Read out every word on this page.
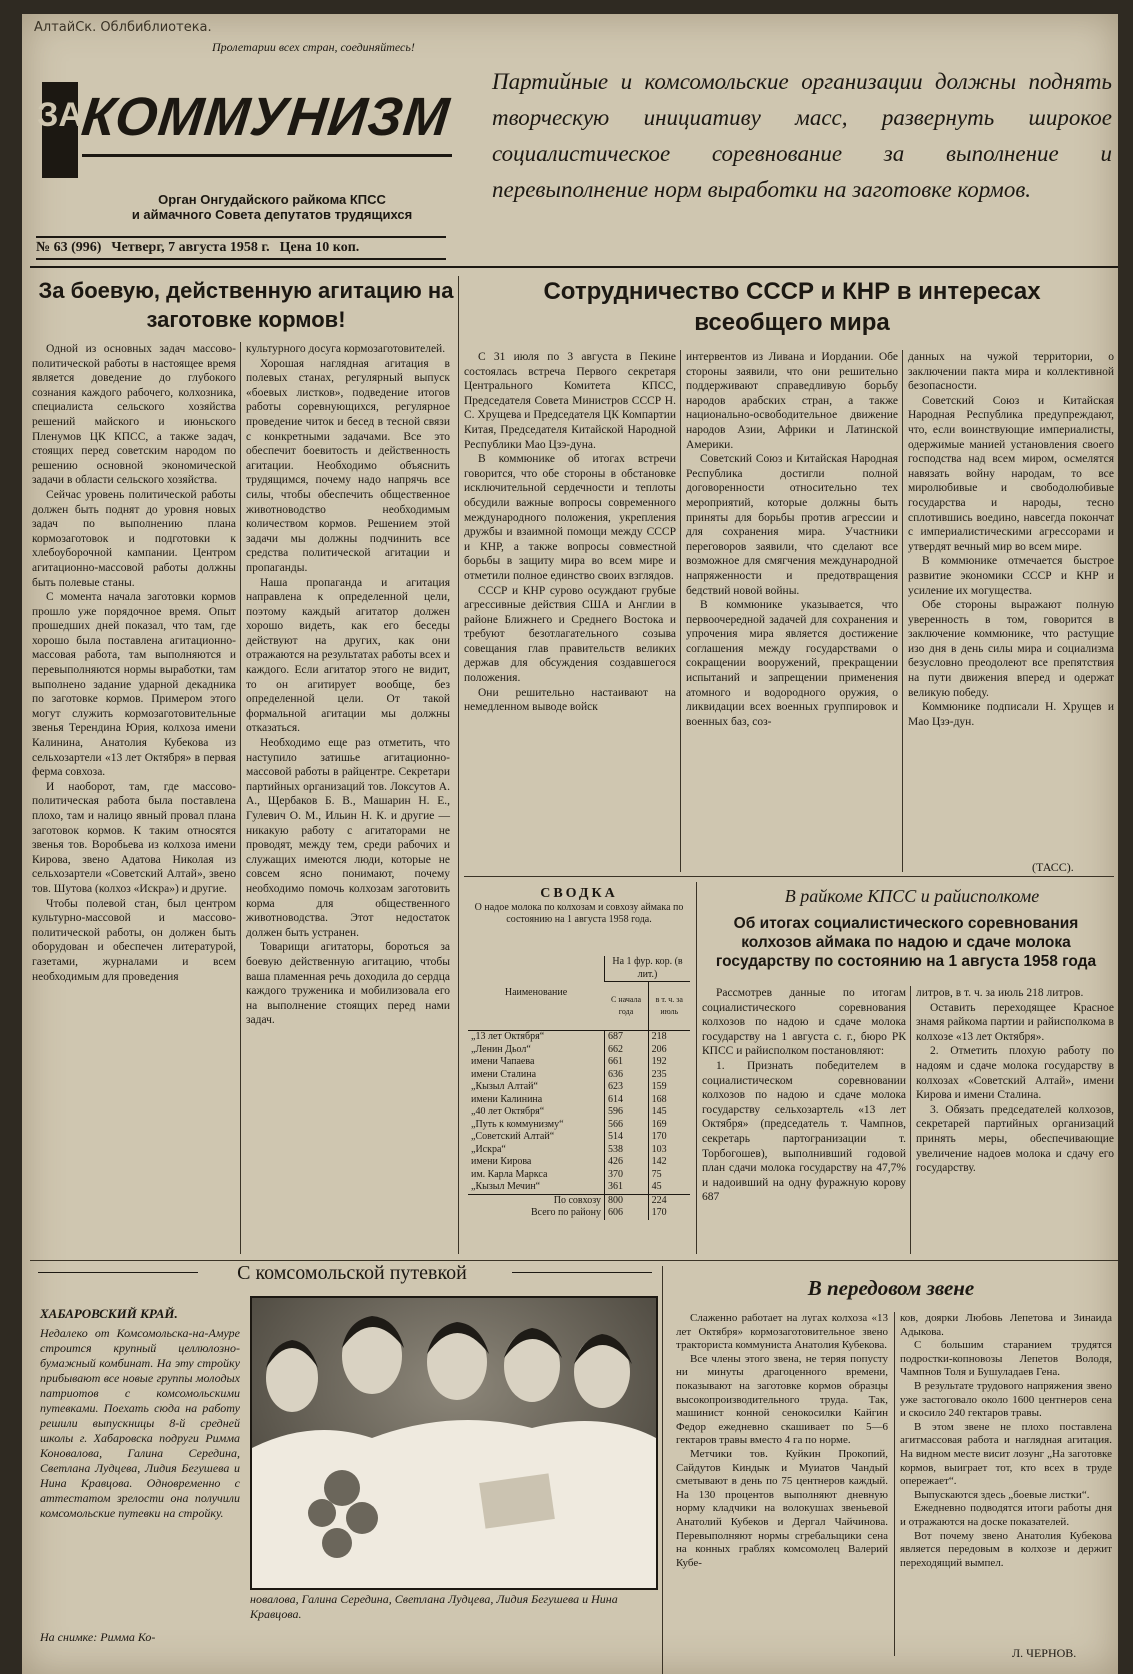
АлтайСк. Облбиблиотека.
Пролетарии всех стран, соединяйтесь!
ЗА
КОММУНИЗМ
Орган Онгудайского райкома КПСС
и аймачного Совета депутатов трудящихся
№ 63 (996) Четверг, 7 августа 1958 г. Цена 10 коп.
Партийные и комсомольские организации должны поднять творческую инициативу масс, развернуть широкое социалистическое соревнование за выполнение и перевыполнение норм выработки на заготовке кормов.
За боевую, действенную агитацию на заготовке кормов!

Одной из основных задач массово-политической работы в настоящее время является доведение до глубокого сознания каждого рабочего, колхозника, специалиста сельского хозяйства решений майского и июньского Пленумов ЦК КПСС, а также задач, стоящих перед советским народом по решению основной экономической задачи в области сельского хозяйства.

Сейчас уровень политической работы должен быть поднят до уровня новых задач по выполнению плана кормозаготовок и подготовки к хлебоуборочной кампании. Центром агитационно-массовой работы должны быть полевые станы.

С момента начала заготовки кормов прошло уже порядочное время. Опыт прошедших дней показал, что там, где хорошо была поставлена агитационно-массовая работа, там выполняются и перевыполняются нормы выработки, там выполнено задание ударной декадника по заготовке кормов. Примером этого могут служить кормозаготовительные звенья Терендина Юрия, колхоза имени Калинина, Анатолия Кубекова из сельхозартели «13 лет Октября» в первая ферма совхоза.

И наоборот, там, где массово-политическая работа была поставлена плохо, там и налицо явный провал плана заготовок кормов. К таким относятся звенья тов. Воробьева из колхоза имени Кирова, звено Адатова Николая из сельхозартели «Советский Алтай», звено тов. Шутова (колхоз «Искра») и другие.

Чтобы полевой стан, был центром культурно-массовой и массово-политической работы, он должен быть оборудован и обеспечен литературой, газетами, журналами и всем необходимым для проведения

культурного досуга кормозаготовителей.

Хорошая наглядная агитация в полевых станах, регулярный выпуск «боевых листков», подведение итогов работы соревнующихся, регулярное проведение читок и бесед в тесной связи с конкретными задачами. Все это обеспечит боевитость и действенность агитации. Необходимо объяснить трудящимся, почему надо напрячь все силы, чтобы обеспечить общественное животноводство необходимым количеством кормов. Решением этой задачи мы должны подчинить все средства политической агитации и пропаганды.

Наша пропаганда и агитация направлена к определенной цели, поэтому каждый агитатор должен хорошо видеть, как его беседы действуют на других, как они отражаются на результатах работы всех и каждого. Если агитатор этого не видит, то он агитирует вообще, без определенной цели. От такой формальной агитации мы должны отказаться.

Необходимо еще раз отметить, что наступило затишье агитационно-массовой работы в райцентре. Секретари партийных организаций тов. Локсутов А. А., Щербаков Б. В., Машарин Н. Е., Гулевич О. М., Ильин Н. К. и другие — никакую работу с агитаторами не проводят, между тем, среди рабочих и служащих имеются люди, которые не совсем ясно понимают, почему необходимо помочь колхозам заготовить корма для общественного животноводства. Этот недостаток должен быть устранен.

Товарищи агитаторы, бороться за боевую действенную агитацию, чтобы ваша пламенная речь доходила до сердца каждого труженика и мобилизовала его на выполнение стоящих перед нами задач.

Сотрудничество СССР и КНР в интересах всеобщего мира

С 31 июля по 3 августа в Пекине состоялась встреча Первого секретаря Центрального Комитета КПСС, Председателя Совета Министров СССР Н. С. Хрущева и Председателя ЦК Компартии Китая, Председателя Китайской Народной Республики Мао Цзэ-дуна.

В коммюнике об итогах встречи говорится, что обе стороны в обстановке исключительной сердечности и теплоты обсудили важные вопросы современного международного положения, укрепления дружбы и взаимной помощи между СССР и КНР, а также вопросы совместной борьбы в защиту мира во всем мире и отметили полное единство своих взглядов.

СССР и КНР сурово осуждают грубые агрессивные действия США и Англии в районе Ближнего и Среднего Востока и требуют безотлагательного созыва совещания глав правительств великих держав для обсуждения создавшегося положения.

Они решительно настаивают на немедленном выводе войск

интервентов из Ливана и Иордании. Обе стороны заявили, что они решительно поддерживают справедливую борьбу народов арабских стран, а также национально-освободительное движение народов Азии, Африки и Латинской Америки.

Советский Союз и Китайская Народная Республика достигли полной договоренности относительно тех мероприятий, которые должны быть приняты для борьбы против агрессии и для сохранения мира. Участники переговоров заявили, что сделают все возможное для смягчения международной напряженности и предотвращения бедствий новой войны.

В коммюнике указывается, что первоочередной задачей для сохранения и упрочения мира является достижение соглашения между государствами о сокращении вооружений, прекращении испытаний и запрещении применения атомного и водородного оружия, о ликвидации всех военных группировок и военных баз, соз-

данных на чужой территории, о заключении пакта мира и коллективной безопасности.

Советский Союз и Китайская Народная Республика предупреждают, что, если воинствующие империалисты, одержимые манией установления своего господства над всем миром, осмелятся навязать войну народам, то все миролюбивые и свободолюбивые государства и народы, тесно сплотившись воедино, навсегда покончат с империалистическими агрессорами и утвердят вечный мир во всем мире.

В коммюнике отмечается быстрое развитие экономики СССР и КНР и усиление их могущества.

Обе стороны выражают полную уверенность в том, говорится в заключение коммюнике, что растущие изо дня в день силы мира и социализма безусловно преодолеют все препятствия на пути движения вперед и одержат великую победу.

Коммюнике подписали Н. Хрущев и Мао Цзэ-дун.

(ТАСС).
СВОДКА
О надое молока по колхозам и совхозу аймака по состоянию на 1 августа 1958 года.
Наименование	На 1 фур. кор. (в лит.)	
	С начала года	в т. ч. за июль
„13 лет Октября“	687	218
„Ленин Дьол“	662	206
имени Чапаева	661	192
имени Сталина	636	235
„Кызыл Алтай“	623	159
имени Калинина	614	168
„40 лет Октября“	596	145
„Путь к коммунизму“	566	169
„Советский Алтай“	514	170
„Искра“	538	103
имени Кирова	426	142
им. Карла Маркса	370	75
„Кызыл Мечин“	361	45
По совхозу	800	224
Всего по району	606	170
В райкоме КПСС и райисполкоме
Об итогах социалистического соревнования колхозов аймака по надою и сдаче молока государству по состоянию на 1 августа 1958 года

Рассмотрев данные по итогам социалистического соревнования колхозов по надою и сдаче молока государству на 1 августа с. г., бюро РК КПСС и райисполком постановляют:

1. Признать победителем в социалистическом соревновании колхозов по надою и сдаче молока государству сельхозартель «13 лет Октября» (председатель т. Чампнов, секретарь партогранизации т. Торбогошев), выполнивший годовой план сдачи молока государству на 47,7% и надоивший на одну фуражную корову 687

литров, в т. ч. за июль 218 литров.

Оставить переходящее Красное знамя райкома партии и райисполкома в колхозе «13 лет Октября».

2. Отметить плохую работу по надоям и сдаче молока государству в колхозах «Советский Алтай», имени Кирова и имени Сталина.

3. Обязать председателей колхозов, секретарей партийных организаций принять меры, обеспечивающие увеличение надоев молока и сдачу его государству.

С комсомольской путевкой
ХАБАРОВСКИЙ КРАЙ.
Недалеко от Комсомольска-на-Амуре строится крупный целлюлозно-бумажный комбинат. На эту стройку прибывают все новые группы молодых патриотов с комсомольскими путевками. Поехать сюда на работу решили выпускницы 8-й средней школы г. Хабаровска подруги Римма Коновалова, Галина Середина, Светлана Лудцева, Лидия Бегушева и Нина Кравцова. Одновременно с аттестатом зрелости она получили комсомольские путевки на стройку.
На снимке: Римма Ко-
новалова, Галина Середина, Светлана Лудцева, Лидия Бегушева и Нина Кравцова.
В передовом звене

Слаженно работает на лугах колхоза «13 лет Октября» кормозаготовительное звено тракториста коммуниста Анатолия Кубекова.

Все члены этого звена, не теряя попусту ни минуты драгоценного времени, показывают на заготовке кормов образцы высокопроизводительного труда. Так, машинист конной сенокосилки Кайгин Федор ежедневно скашивает по 5—6 гектаров травы вместо 4 га по норме.

Метчики тов. Куйкин Прокопий, Сайдутов Киндык и Муиатов Чандый сметывают в день по 75 центнеров каждый. На 130 процентов выполняют дневную норму кладчики на волокушах звеньевой Анатолий Кубеков и Дергал Чайчинова. Перевыполняют нормы сгребальщики сена на конных граблях комсомолец Валерий Кубе-

ков, доярки Любовь Лепетова и Зинаида Адыкова.

С большим старанием трудятся подростки-копновозы Лепетов Володя, Чампнов Толя и Бушуладаев Гена.

В результате трудового напряжения звено уже застоговало около 1600 центнеров сена и скосило 240 гектаров травы.

В этом звене не плохо поставлена агитмассовая работа и наглядная агитация. На видном месте висит лозунг „На заготовке кормов, выиграет тот, кто всех в труде опережает“.

Выпускаются здесь „боевые листки“.

Ежедневно подводятся итоги работы дня и отражаются на доске показателей.

Вот почему звено Анатолия Кубекова является передовым в колхозе и держит переходящий вымпел.

Л. ЧЕРНОВ.
